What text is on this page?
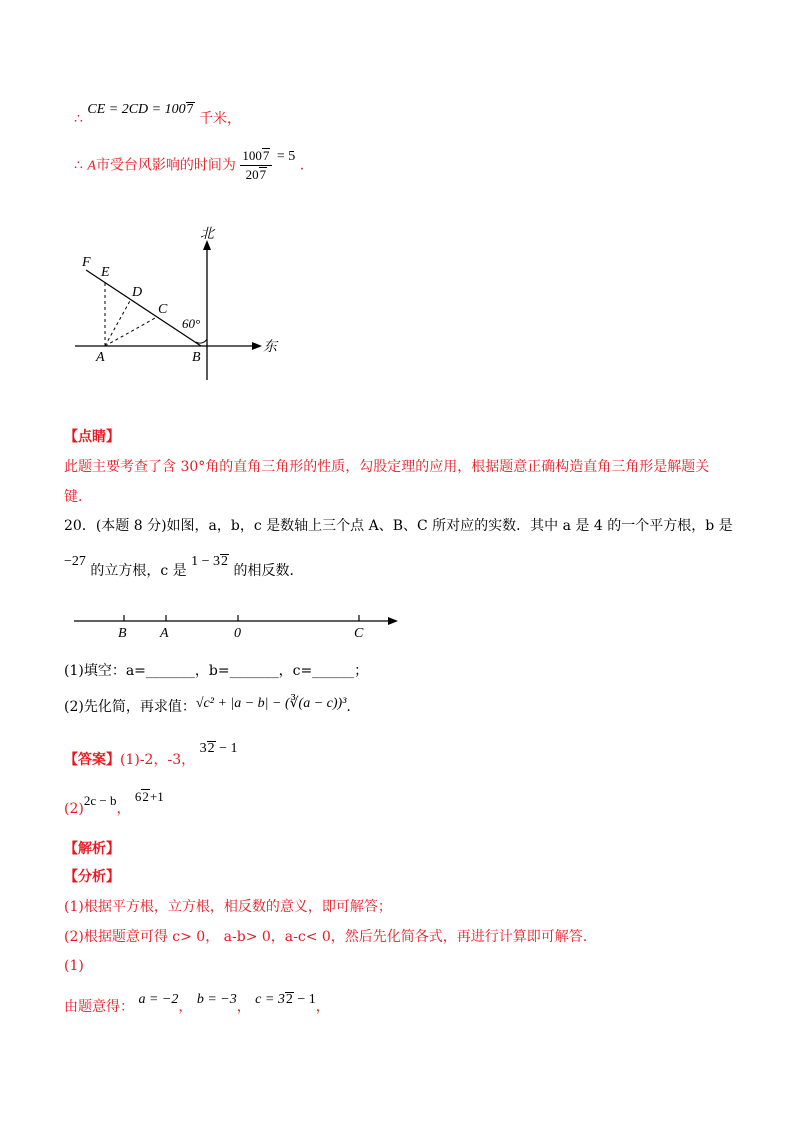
∴ CE = 2CD = 1007 千米，
∴ A市受台风影响的时间为 $\frac{1007}{207} = 5$ .
北
东
60°
F
E
D
C
A	B
【点睛】
此题主要考查了含 30°角的直角三角形的性质，勾股定理的应用，根据题意正确构造直角三角形是解题关
键.
20．(本题 8 分)如图，a，b，c 是数轴上三个点 A、B、C 所对应的实数．其中 a 是 4 的一个平方根，b 是
−27 的立方根，c 是 1 − 32 的相反数．
B A	0	C
(1)填空：a=_______，b=_______，c=______；
(2)先化简，再求值：√c² + |a − b| − (∛(a − c))³.
【答案】(1)-2，-3， 32 − 1
(2)2c − b， 62+1
【解析】
【分析】
(1)根据平方根，立方根，相反数的意义，即可解答；
(2)根据题意可得 c> 0， a-b> 0，a-c< 0，然后先化简各式，再进行计算即可解答.
(1)
由题意得： a = −2， b = −3， c = 32 − 1，
